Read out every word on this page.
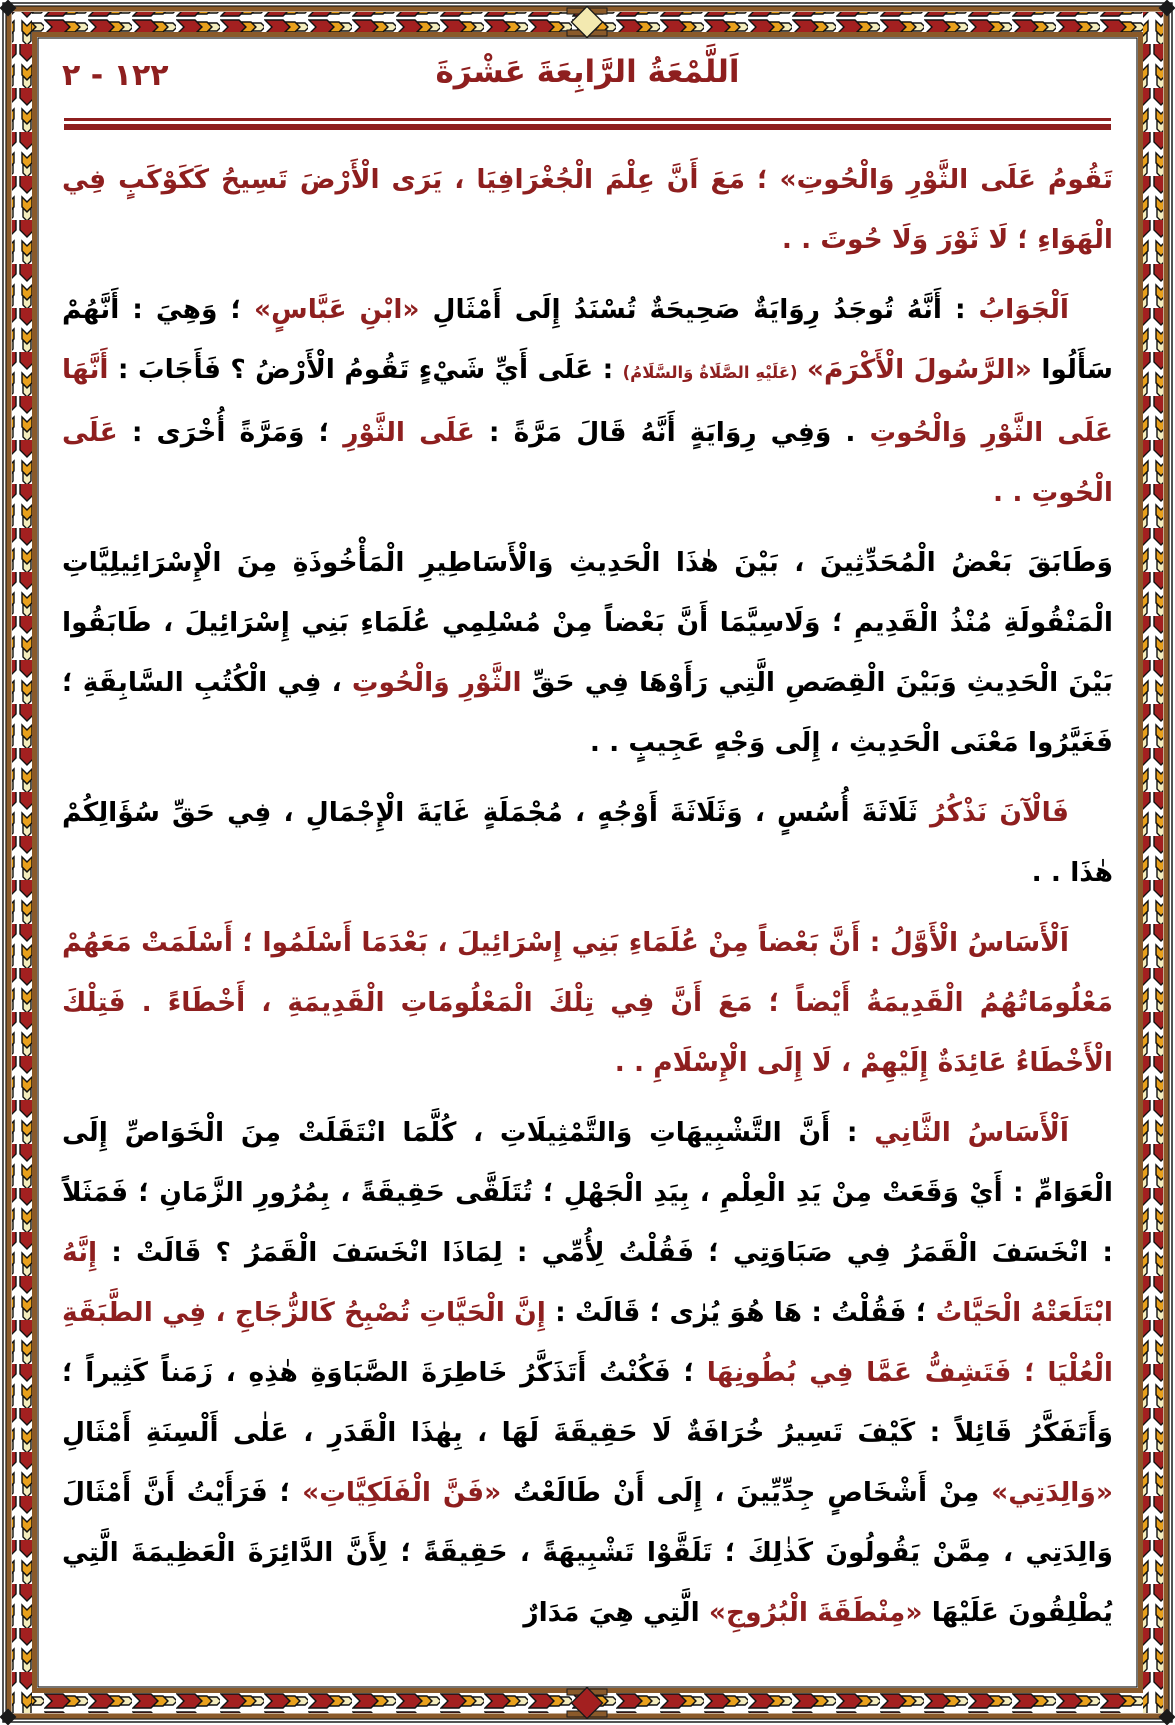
١٢٢ - ٢	اَللَّمْعَةُ الرَّابِعَةَ عَشْرَةَ

تَقُومُ عَلَى الثَّوْرِ وَالْحُوتِ» ؛ مَعَ أَنَّ عِلْمَ الْجُغْرَافِيَا ، يَرَى الْأَرْضَ تَسِيحُ كَكَوْكَبٍ فِي الْهَوَاءِ ؛ لَا ثَوْرَ وَلَا حُوتَ . .

اَلْجَوَابُ : أَنَّهُ تُوجَدُ رِوَايَةٌ صَحِيحَةٌ تُسْنَدُ إِلَى أَمْثَالِ «ابْنِ عَبَّاسٍ» ؛ وَهِيَ : أَنَّهُمْ سَأَلُوا «الرَّسُولَ الْأَكْرَمَ» (عَلَيْهِ الصَّلَاةُ وَالسَّلَامُ) : عَلَى أَيِّ شَيْءٍ تَقُومُ الْأَرْضُ ؟ فَأَجَابَ : أَنَّهَا عَلَى الثَّوْرِ وَالْحُوتِ . وَفِي رِوَايَةٍ أَنَّهُ قَالَ مَرَّةً : عَلَى الثَّوْرِ ؛ وَمَرَّةً أُخْرَى : عَلَى الْحُوتِ . .

وَطَابَقَ بَعْضُ الْمُحَدِّثِينَ ، بَيْنَ هٰذَا الْحَدِيثِ وَالْأَسَاطِيرِ الْمَأْخُوذَةِ مِنَ الْإِسْرَائِيلِيَّاتِ الْمَنْقُولَةِ مُنْذُ الْقَدِيمِ ؛ وَلَاسِيَّمَا أَنَّ بَعْضاً مِنْ مُسْلِمِي عُلَمَاءِ بَنِي إِسْرَائِيلَ ، طَابَقُوا بَيْنَ الْحَدِيثِ وَبَيْنَ الْقِصَصِ الَّتِي رَأَوْهَا فِي حَقِّ الثَّوْرِ وَالْحُوتِ ، فِي الْكُتُبِ السَّابِقَةِ ؛ فَغَيَّرُوا مَعْنَى الْحَدِيثِ ، إِلَى وَجْهٍ عَجِيبٍ . .

فَالْآنَ نَذْكُرُ ثَلَاثَةَ أُسُسٍ ، وَثَلَاثَةَ أَوْجُهٍ ، مُجْمَلَةٍ غَايَةَ الْإِجْمَالِ ، فِي حَقِّ سُؤَالِكُمْ هٰذَا . .

اَلْأَسَاسُ الْأَوَّلُ : أَنَّ بَعْضاً مِنْ عُلَمَاءِ بَنِي إِسْرَائِيلَ ، بَعْدَمَا أَسْلَمُوا ؛ أَسْلَمَتْ مَعَهُمْ مَعْلُومَاتُهُمُ الْقَدِيمَةُ أَيْضاً ؛ مَعَ أَنَّ فِي تِلْكَ الْمَعْلُومَاتِ الْقَدِيمَةِ ، أَخْطَاءً . فَتِلْكَ الْأَخْطَاءُ عَائِدَةٌ إِلَيْهِمْ ، لَا إِلَى الْإِسْلَامِ . .

اَلْأَسَاسُ الثَّانِي : أَنَّ التَّشْبِيهَاتِ وَالتَّمْثِيلَاتِ ، كُلَّمَا انْتَقَلَتْ مِنَ الْخَوَاصِّ إِلَى الْعَوَامِّ : أَيْ وَقَعَتْ مِنْ يَدِ الْعِلْمِ ، بِيَدِ الْجَهْلِ ؛ تُتَلَقَّى حَقِيقَةً ، بِمُرُورِ الزَّمَانِ ؛ فَمَثَلاً : انْخَسَفَ الْقَمَرُ فِي صَبَاوَتِي ؛ فَقُلْتُ لِأُمِّي : لِمَاذَا انْخَسَفَ الْقَمَرُ ؟ قَالَتْ : إِنَّهُ ابْتَلَعَتْهُ الْحَيَّاتُ ؛ فَقُلْتُ : هَا هُوَ يُرٰى ؛ قَالَتْ : إِنَّ الْحَيَّاتِ تُصْبِحُ كَالزُّجَاجِ ، فِي الطَّبَقَةِ الْعُلْيَا ؛ فَتَشِفُّ عَمَّا فِي بُطُونِهَا ؛ فَكُنْتُ أَتَذَكَّرُ خَاطِرَةَ الصَّبَاوَةِ هٰذِهِ ، زَمَناً كَثِيراً ؛ وَأَتَفَكَّرُ قَائِلاً : كَيْفَ تَسِيرُ خُرَافَةٌ لَا حَقِيقَةَ لَهَا ، بِهٰذَا الْقَدَرِ ، عَلٰى أَلْسِنَةِ أَمْثَالِ «وَالِدَتِي» مِنْ أَشْخَاصٍ جِدِّيِّينَ ، إِلَى أَنْ طَالَعْتُ «فَنَّ الْفَلَكِيَّاتِ» ؛ فَرَأَيْتُ أَنَّ أَمْثَالَ وَالِدَتِي ، مِمَّنْ يَقُولُونَ كَذٰلِكَ ؛ تَلَقَّوْا تَشْبِيهَةً ، حَقِيقَةً ؛ لِأَنَّ الدَّائِرَةَ الْعَظِيمَةَ الَّتِي يُطْلِقُونَ عَلَيْهَا «مِنْطَقَةَ الْبُرُوجِ» الَّتِي هِيَ مَدَارٌ
